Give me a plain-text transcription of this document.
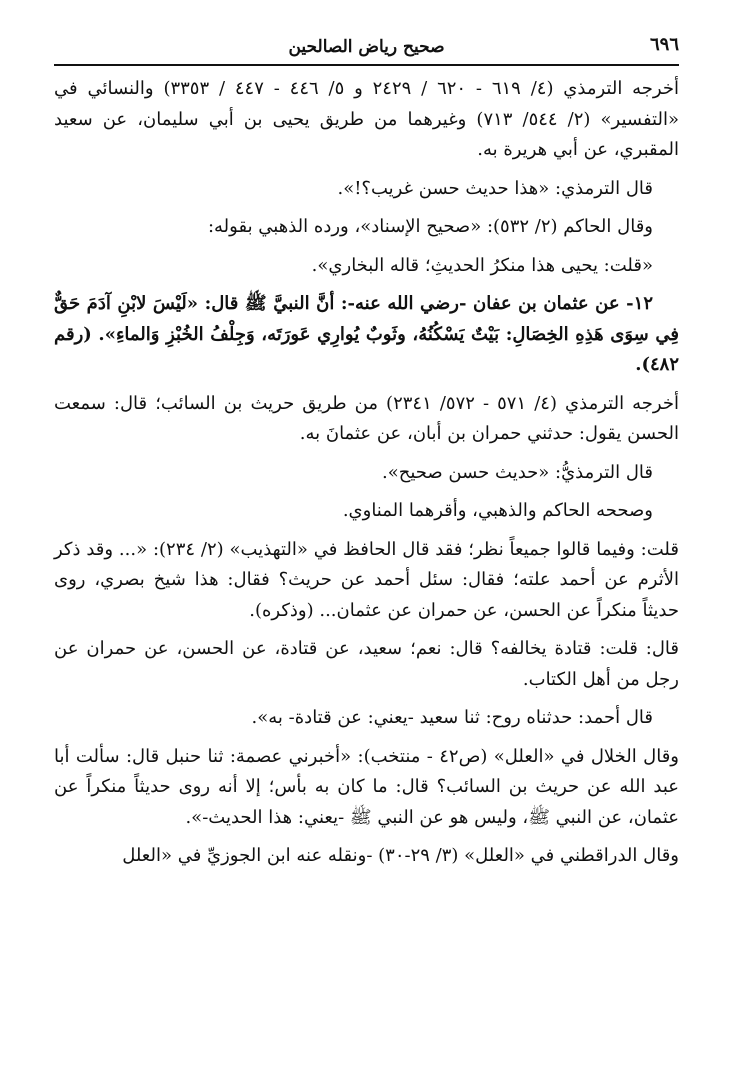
٦٩٦
صحيح رياض الصالحين

أخرجه الترمذي (٤/ ٦١٩ - ٦٢٠ / ٢٤٢٩ و ٥/ ٤٤٦ - ٤٤٧ / ٣٣٥٣) والنسائي في «التفسير» (٢/ ٥٤٤/ ٧١٣) وغيرهما من طريق يحيى بن أبي سليمان، عن سعيد المقبري، عن أبي هريرة به.

قال الترمذي: «هذا حديث حسن غريب؟!».

وقال الحاكم (٢/ ٥٣٢): «صحيح الإسناد»، ورده الذهبي بقوله:

«قلت: يحيى هذا منكرُ الحديثِ؛ قاله البخاري».

١٢- عن عثمان بن عفان -رضي الله عنه-: أنَّ النبيَّ ﷺ قال: «لَيْسَ لابْنِ آدَمَ حَقٌّ فِي سِوَى هَذِهِ الخِصَالِ: بَيْتٌ يَسْكُنُهُ، وثَوبٌ يُوارِي عَورَتَه، وَجِلْفُ الخُبْزِ وَالماءِ». (رقم ٤٨٢).

أخرجه الترمذي (٤/ ٥٧١ - ٥٧٢/ ٢٣٤١) من طريق حريث بن السائب؛ قال: سمعت الحسن يقول: حدثني حمران بن أبان، عن عثمانَ به.

قال الترمذيُّ: «حديث حسن صحيح».

وصححه الحاكم والذهبي، وأقرهما المناوي.

قلت: وفيما قالوا جميعاً نظر؛ فقد قال الحافظ في «التهذيب» (٢/ ٢٣٤): «... وقد ذكر الأثرم عن أحمد علته؛ فقال: سئل أحمد عن حريث؟ فقال: هذا شيخ بصري، روى حديثاً منكراً عن الحسن، عن حمران عن عثمان... (وذكره).

قال: قلت: قتادة يخالفه؟ قال: نعم؛ سعيد، عن قتادة، عن الحسن، عن حمران عن رجل من أهل الكتاب.

قال أحمد: حدثناه روح: ثنا سعيد -يعني: عن قتادة- به».

وقال الخلال في «العلل» (ص٤٢ - منتخب): «أخبرني عصمة: ثنا حنبل قال: سألت أبا عبد الله عن حريث بن السائب؟ قال: ما كان به بأس؛ إلا أنه روى حديثاً منكراً عن عثمان، عن النبي ﷺ، وليس هو عن النبي ﷺ -يعني: هذا الحديث-».

وقال الدراقطني في «العلل» (٣/ ٢٩-٣٠) -ونقله عنه ابن الجوزيِّ في «العلل
